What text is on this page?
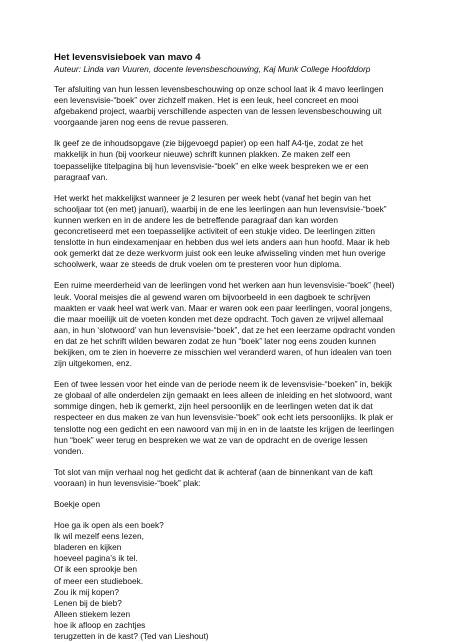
Het levensvisieboek van mavo 4

Auteur: Linda van Vuuren, docente levensbeschouwing, Kaj Munk College Hoofddorp

Ter afsluiting van hun lessen levensbeschouwing op onze school laat ik 4 mavo leerlingen
een levensvisie-“boek” over zichzelf maken. Het is een leuk, heel concreet en mooi
afgebakend project, waarbij verschillende aspecten van de lessen levensbeschouwing uit
voorgaande jaren nog eens de revue passeren.

Ik geef ze de inhoudsopgave (zie bijgevoegd papier) op een half A4-tje, zodat ze het
makkelijk in hun (bij voorkeur nieuwe) schrift kunnen plakken. Ze maken zelf een
toepasselijke titelpagina bij hun levensvisie-“boek” en elke week bespreken we er een
paragraaf van.

Het werkt het makkelijkst wanneer je 2 lesuren per week hebt (vanaf het begin van het
schooljaar tot (en met) januari), waarbij in de ene les leerlingen aan hun levensvisie-“boek”
kunnen werken en in de andere les de betreffende paragraaf dan kan worden
geconcretiseerd met een toepasselijke activiteit of een stukje video. De leerlingen zitten
tenslotte in hun eindexamenjaar en hebben dus wel iets anders aan hun hoofd. Maar ik heb
ook gemerkt dat ze deze werkvorm juist ook een leuke afwisseling vinden met hun overige
schoolwerk, waar ze steeds de druk voelen om te presteren voor hun diploma.

Een ruime meerderheid van de leerlingen vond het werken aan hun levensvisie-“boek” (heel)
leuk. Vooral meisjes die al gewend waren om bijvoorbeeld in een dagboek te schrijven
maakten er vaak heel wat werk van. Maar er waren ook een paar leerlingen, vooral jongens,
die maar moeilijk uit de voeten konden met deze opdracht. Toch gaven ze vrijwel allemaal
aan, in hun ‘slotwoord’ van hun levensvisie-“boek”, dat ze het een leerzame opdracht vonden
en dat ze het schrift wilden bewaren zodat ze hun “boek” later nog eens zouden kunnen
bekijken, om te zien in hoeverre ze misschien wel veranderd waren, of hun idealen van toen
zijn uitgekomen, enz.

Een of twee lessen voor het einde van de periode neem ik de levensvisie-“boeken” in, bekijk
ze globaal of alle onderdelen zijn gemaakt en lees alleen de inleiding en het slotwoord, want
sommige dingen, heb ik gemerkt, zijn heel persoonlijk en de leerlingen weten dat ik dat
respecteer en dus maken ze van hun levensvisie-“boek” ook echt iets persoonlijks. Ik plak er
tenslotte nog een gedicht en een nawoord van mij in en in de laatste les krijgen de leerlingen
hun “boek” weer terug en bespreken we wat ze van de opdracht en de overige lessen
vonden.

Tot slot van mijn verhaal nog het gedicht dat ik achteraf (aan de binnenkant van de kaft
vooraan) in hun levensvisie-“boek” plak:

Boekje open

Hoe ga ik open als een boek?
Ik wil mezelf eens lezen,
bladeren en kijken
hoeveel pagina’s ik tel.
Of ik een sprookje ben
of meer een studieboek.
Zou ik mij kopen?
Lenen bij de bieb?
Alleen stiekem lezen
hoe ik afloop en zachtjes
terugzetten in de kast? (Ted van Lieshout)
